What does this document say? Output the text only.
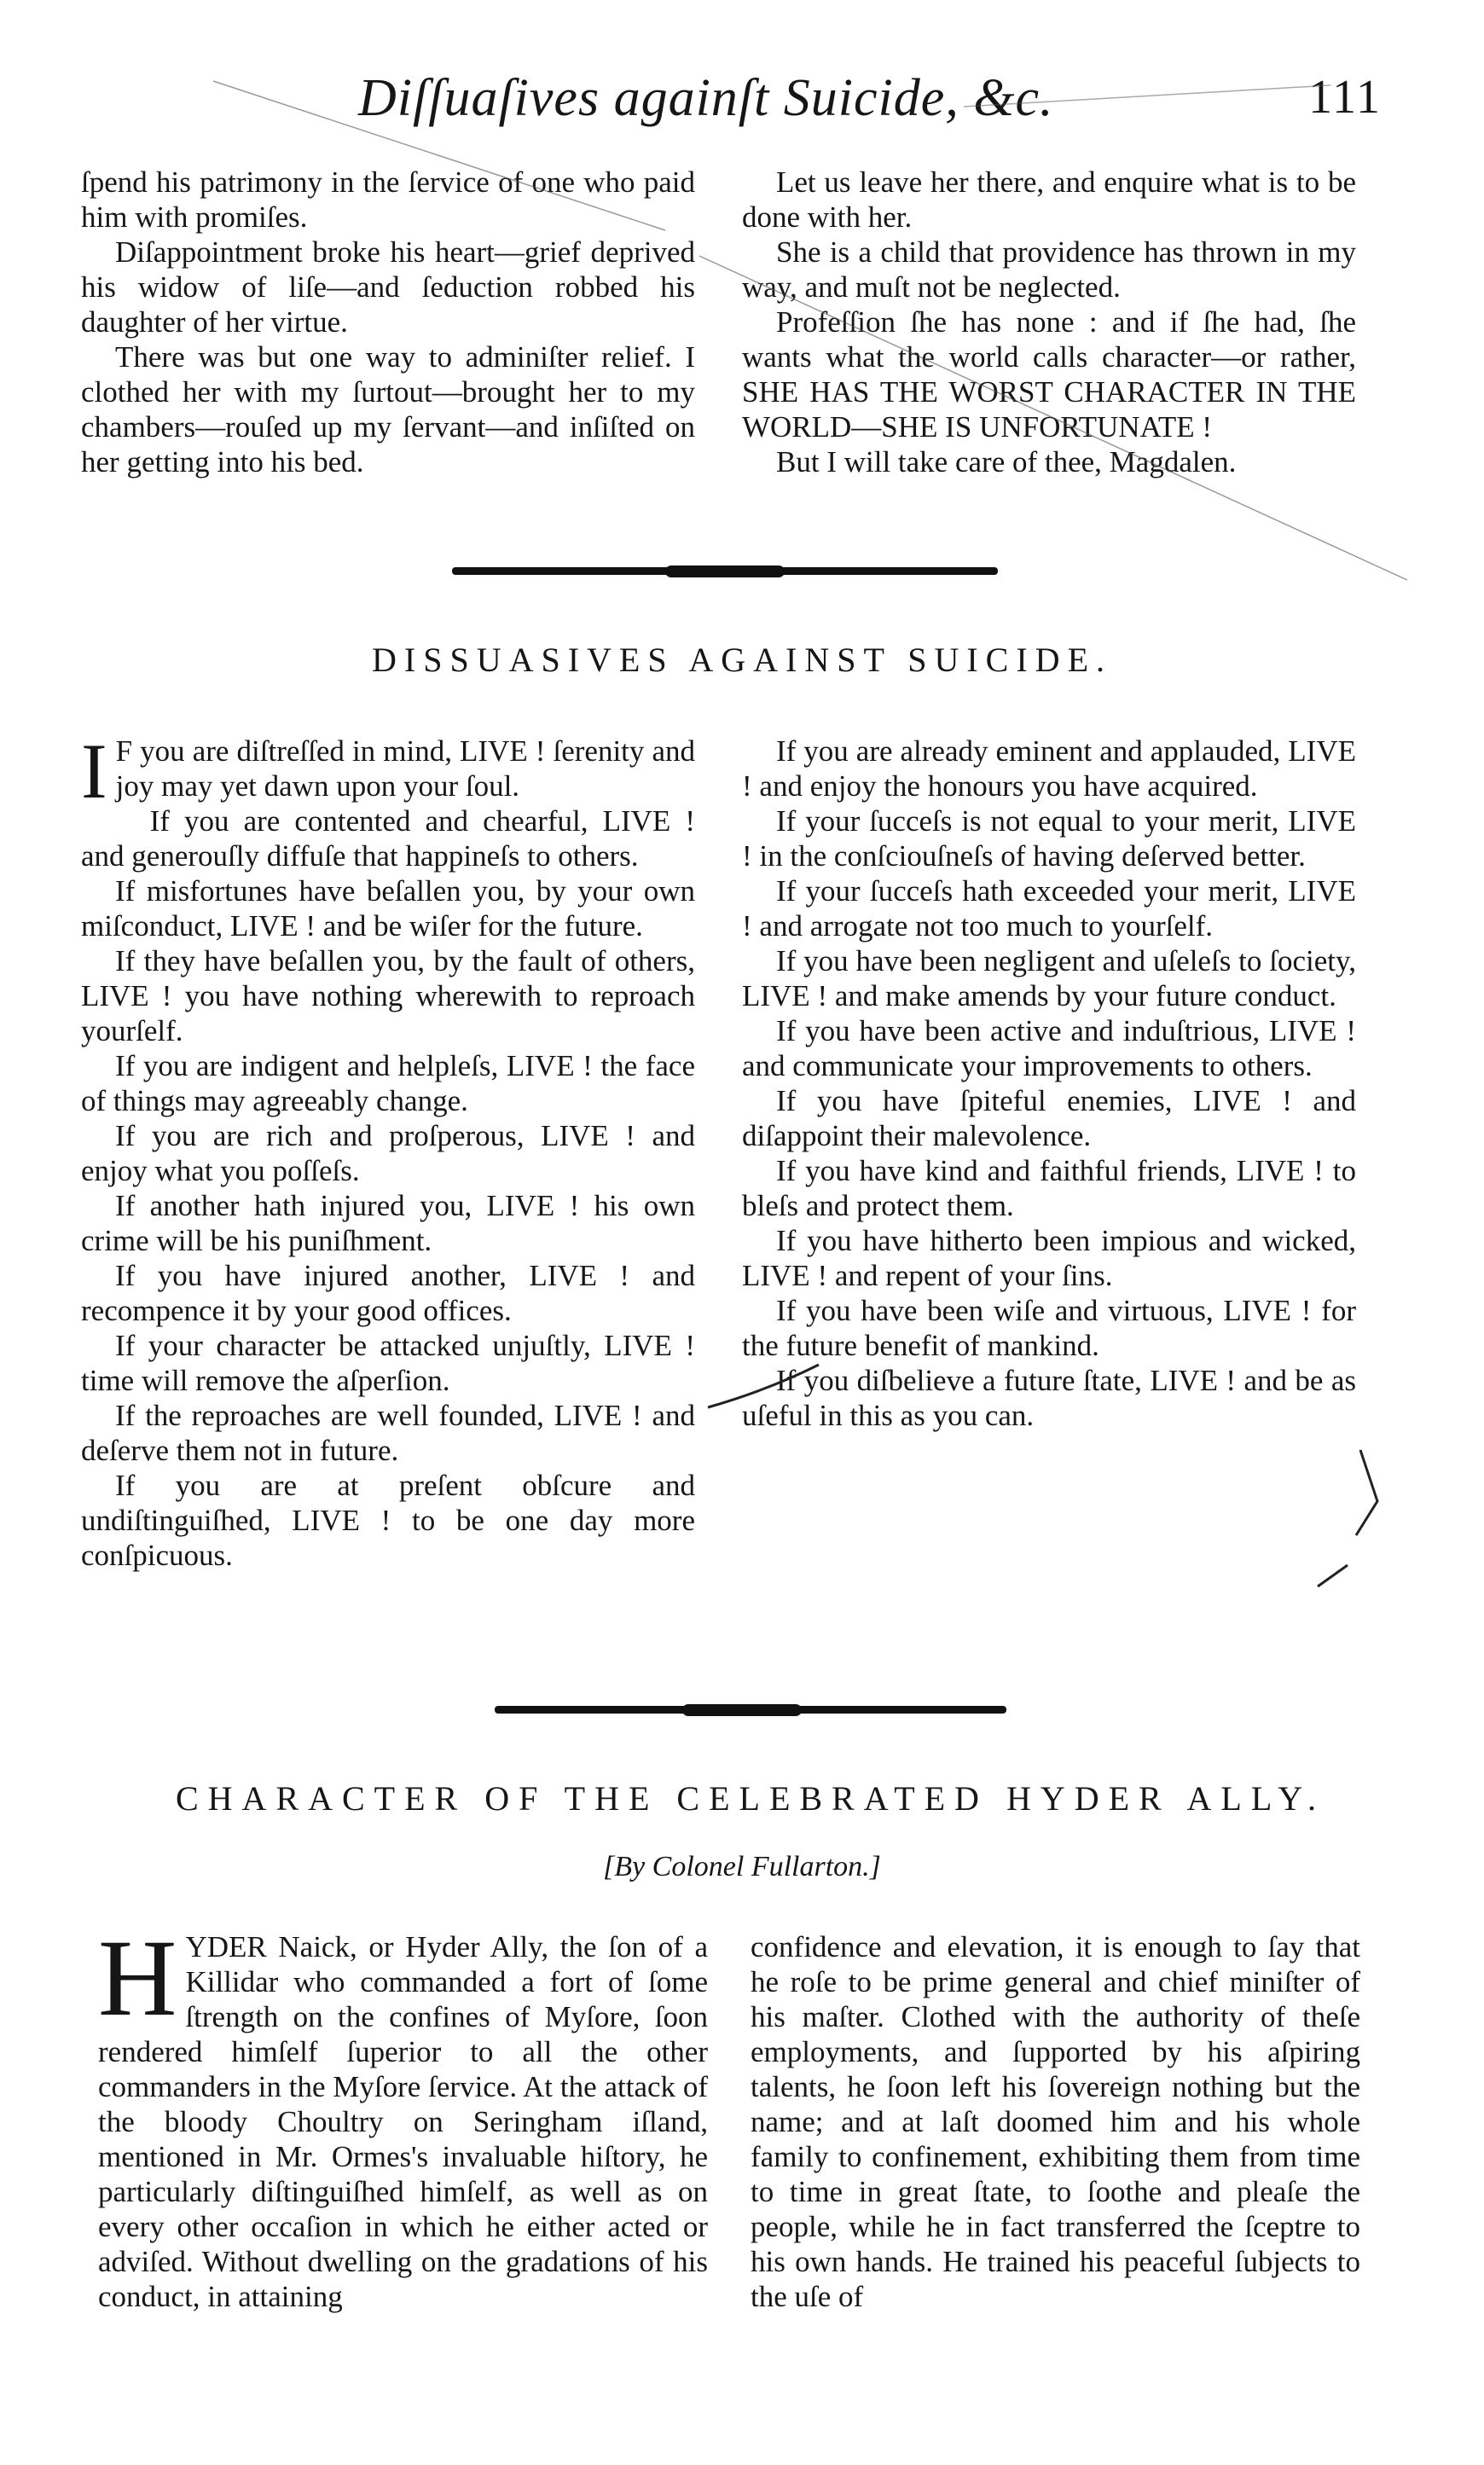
Diſſuaſives againſt Suicide, &c.	111

ſpend his patrimony in the ſervice of one who paid him with promiſes.

Diſappointment broke his heart—grief deprived his widow of liſe—and ſeduction robbed his daughter of her virtue.

There was but one way to adminiſter relief. I clothed her with my ſurtout—brought her to my chambers—rouſed up my ſervant—and inſiſted on her getting into his bed.

Let us leave her there, and enquire what is to be done with her.

She is a child that providence has thrown in my way, and muſt not be neglected.

Profeſſion ſhe has none : and if ſhe had, ſhe wants what the world calls character—or rather, SHE HAS THE WORST CHARACTER IN THE WORLD—SHE IS UNFORTUNATE !

But I will take care of thee, Magdalen.

DISSUASIVES AGAINST SUICIDE.

I F you are diſtreſſed in mind, LIVE ! ſerenity and joy may yet dawn upon your ſoul.

If you are contented and chearful, LIVE ! and generouſly diffuſe that happineſs to others.

If misfortunes have beſallen you, by your own miſconduct, LIVE ! and be wiſer for the future.

If they have beſallen you, by the fault of others, LIVE ! you have nothing wherewith to reproach yourſelf.

If you are indigent and helpleſs, LIVE ! the face of things may agreeably change.

If you are rich and proſperous, LIVE ! and enjoy what you poſſeſs.

If another hath injured you, LIVE ! his own crime will be his puniſhment.

If you have injured another, LIVE ! and recompence it by your good offices.

If your character be attacked unjuſtly, LIVE ! time will remove the aſperſion.

If the reproaches are well founded, LIVE ! and deſerve them not in future.

If you are at preſent obſcure and undiſtinguiſhed, LIVE ! to be one day more conſpicuous.

If you are already eminent and applauded, LIVE ! and enjoy the honours you have acquired.

If your ſucceſs is not equal to your merit, LIVE ! in the conſciouſneſs of having deſerved better.

If your ſucceſs hath exceeded your merit, LIVE ! and arrogate not too much to yourſelf.

If you have been negligent and uſeleſs to ſociety, LIVE ! and make amends by your future conduct.

If you have been active and induſtrious, LIVE ! and communicate your improvements to others.

If you have ſpiteful enemies, LIVE ! and diſappoint their malevolence.

If you have kind and faithful friends, LIVE ! to bleſs and protect them.

If you have hitherto been impious and wicked, LIVE ! and repent of your ſins.

If you have been wiſe and virtuous, LIVE ! for the future benefit of mankind.

If you diſbelieve a future ſtate, LIVE ! and be as uſeful in this as you can.

CHARACTER OF THE CELEBRATED HYDER ALLY.
[By Colonel Fullarton.]

HYDER Naick, or Hyder Ally, the ſon of a Killidar who commanded a fort of ſome ſtrength on the confines of Myſore, ſoon rendered himſelf ſuperior to all the other commanders in the Myſore ſervice. At the attack of the bloody Choultry on Seringham iſland, mentioned in Mr. Ormes's invaluable hiſtory, he particularly diſtinguiſhed himſelf, as well as on every other occaſion in which he either acted or adviſed. Without dwelling on the gradations of his conduct, in attaining

confidence and elevation, it is enough to ſay that he roſe to be prime general and chief miniſter of his maſter. Clothed with the authority of theſe employments, and ſupported by his aſpiring talents, he ſoon left his ſovereign nothing but the name; and at laſt doomed him and his whole family to confinement, exhibiting them from time to time in great ſtate, to ſoothe and pleaſe the people, while he in fact transferred the ſceptre to his own hands. He trained his peaceful ſubjects to the uſe of
